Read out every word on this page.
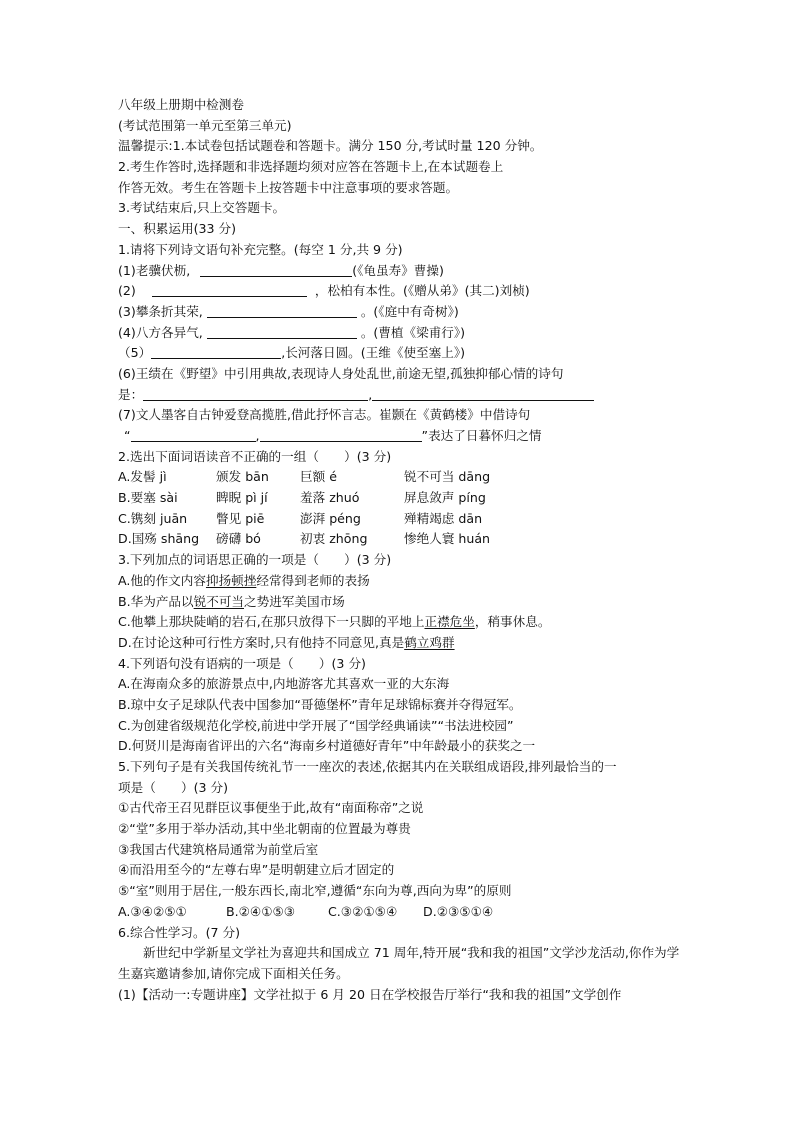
八年级上册期中检测卷
(考试范围第一单元至第三单元)
温馨提示:1.本试卷包括试题卷和答题卡。满分 150 分,考试时量 120 分钟。
2.考生作答时,选择题和非选择题均须对应答在答题卡上,在本试题卷上
作答无效。考生在答题卡上按答题卡中注意事项的要求答题。
3.考试结束后,只上交答题卡。
一、积累运用(33 分)
1.请将下列诗文语句补充完整。(每空 1 分,共 9 分)
(1)老骥伏枥,	(《龟虽寿》曹操)
(2)	，松柏有本性。(《赠从弟》(其二)刘桢)
(3)攀条折其荣,	。(《庭中有奇树》)
(4)八方各异气,	。(曹植《梁甫行》)
（5）	,长河落日圆。(王维《使至塞上》)
(6)王绩在《野望》中引用典故,表现诗人身处乱世,前途无望,孤独抑郁心情的诗句
是：	,
(7)文人墨客自古钟爱登高揽胜,借此抒怀言志。崔颢在《黄鹤楼》中借诗句
“	,	”表达了日暮怀归之情
2.选出下面词语读音不正确的一组（　　）(3 分)
A.发髻 jì	颁发 bān 巨额 é	锐不可当 dāng
B.要塞 sài	睥睨 pì jí	羞落 zhuó	屏息敛声 píng
C.镌刻 juān 瞥见 piē	澎湃 péng	殚精竭虑 dān
D.国殇 shāng 磅礴 bó	初衷 zhōng	惨绝人寰 huán
3.下列加点的词语思正确的一项是（　　）(3 分)
A.他的作文内容抑扬顿挫经常得到老师的表扬
B.华为产品以锐不可当之势进军美国市场
C.他攀上那块陡峭的岩石,在那只放得下一只脚的平地上正襟危坐，稍事休息。
D.在讨论这种可行性方案时,只有他持不同意见,真是鹤立鸡群
4.下列语句没有语病的一项是（　　）(3 分)
A.在海南众多的旅游景点中,内地游客尤其喜欢一亚的大东海
B.琼中女子足球队代表中国参加“哥德堡杯”青年足球锦标赛并夺得冠军。
C.为创建省级规范化学校,前进中学开展了“国学经典诵读”“书法进校园”
D.何贤川是海南省评出的六名“海南乡村道德好青年”中年龄最小的获奖之一
5.下列句子是有关我国传统礼节一一座次的表述,依据其内在关联组成语段,排列最恰当的一
项是（　　）(3 分)
①古代帝王召见群臣议事便坐于此,故有“南面称帝”之说
②“堂”多用于举办活动,其中坐北朝南的位置最为尊贵
③我国古代建筑格局通常为前堂后室
④而沿用至今的“左尊右卑”是明朝建立后才固定的
⑤“室”则用于居住,一般东西长,南北窄,遵循“东向为尊,西向为卑”的原则
A.③④②⑤①	B.②④①⑤③	C.③②①⑤④ D.②③⑤①④
6.综合性学习。(7 分)
新世纪中学新星文学社为喜迎共和国成立 71 周年,特开展“我和我的祖国”文学沙龙活动,你作为学生嘉宾邀请参加,请你完成下面相关任务。
(1)【活动一:专题讲座】文学社拟于 6 月 20 日在学校报告厅举行“我和我的祖国”文学创作
